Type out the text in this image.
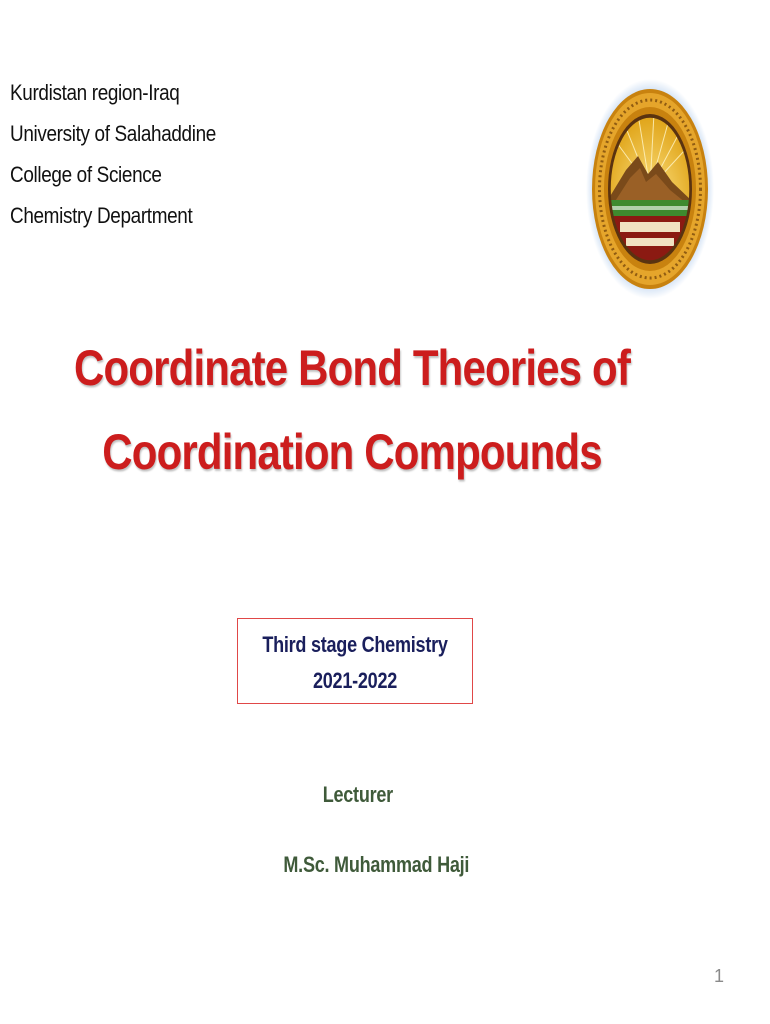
Kurdistan region-Iraq
University of Salahaddine
College of Science
Chemistry Department
Coordinate Bond Theories of
Coordination Compounds
Third stage Chemistry
2021-2022
Lecturer
M.Sc. Muhammad Haji
1
